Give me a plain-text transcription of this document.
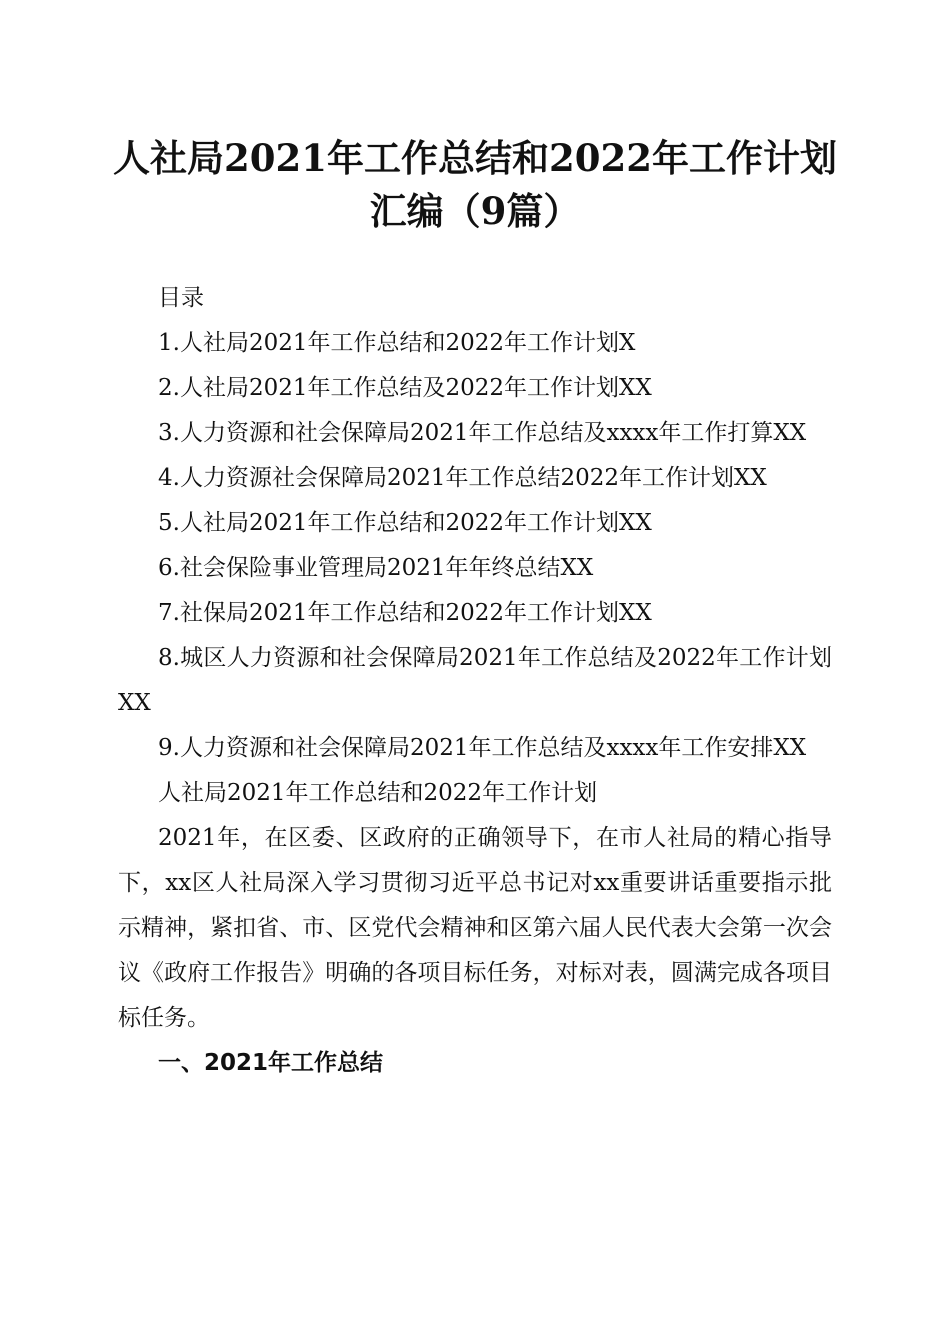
人社局2021年工作总结和2022年工作计划汇编（9篇）

目录

1.人社局2021年工作总结和2022年工作计划X

2.人社局2021年工作总结及2022年工作计划XX

3.人力资源和社会保障局2021年工作总结及xxxx年工作打算XX

4.人力资源社会保障局2021年工作总结2022年工作计划XX

5.人社局2021年工作总结和2022年工作计划XX

6.社会保险事业管理局2021年年终总结XX

7.社保局2021年工作总结和2022年工作计划XX

8.城区人力资源和社会保障局2021年工作总结及2022年工作计划XX

9.人力资源和社会保障局2021年工作总结及xxxx年工作安排XX

人社局2021年工作总结和2022年工作计划

2021年，在区委、区政府的正确领导下，在市人社局的精心指导下，xx区人社局深入学习贯彻习近平总书记对xx重要讲话重要指示批示精神，紧扣省、市、区党代会精神和区第六届人民代表大会第一次会议《政府工作报告》明确的各项目标任务，对标对表，圆满完成各项目标任务。

一、2021年工作总结
